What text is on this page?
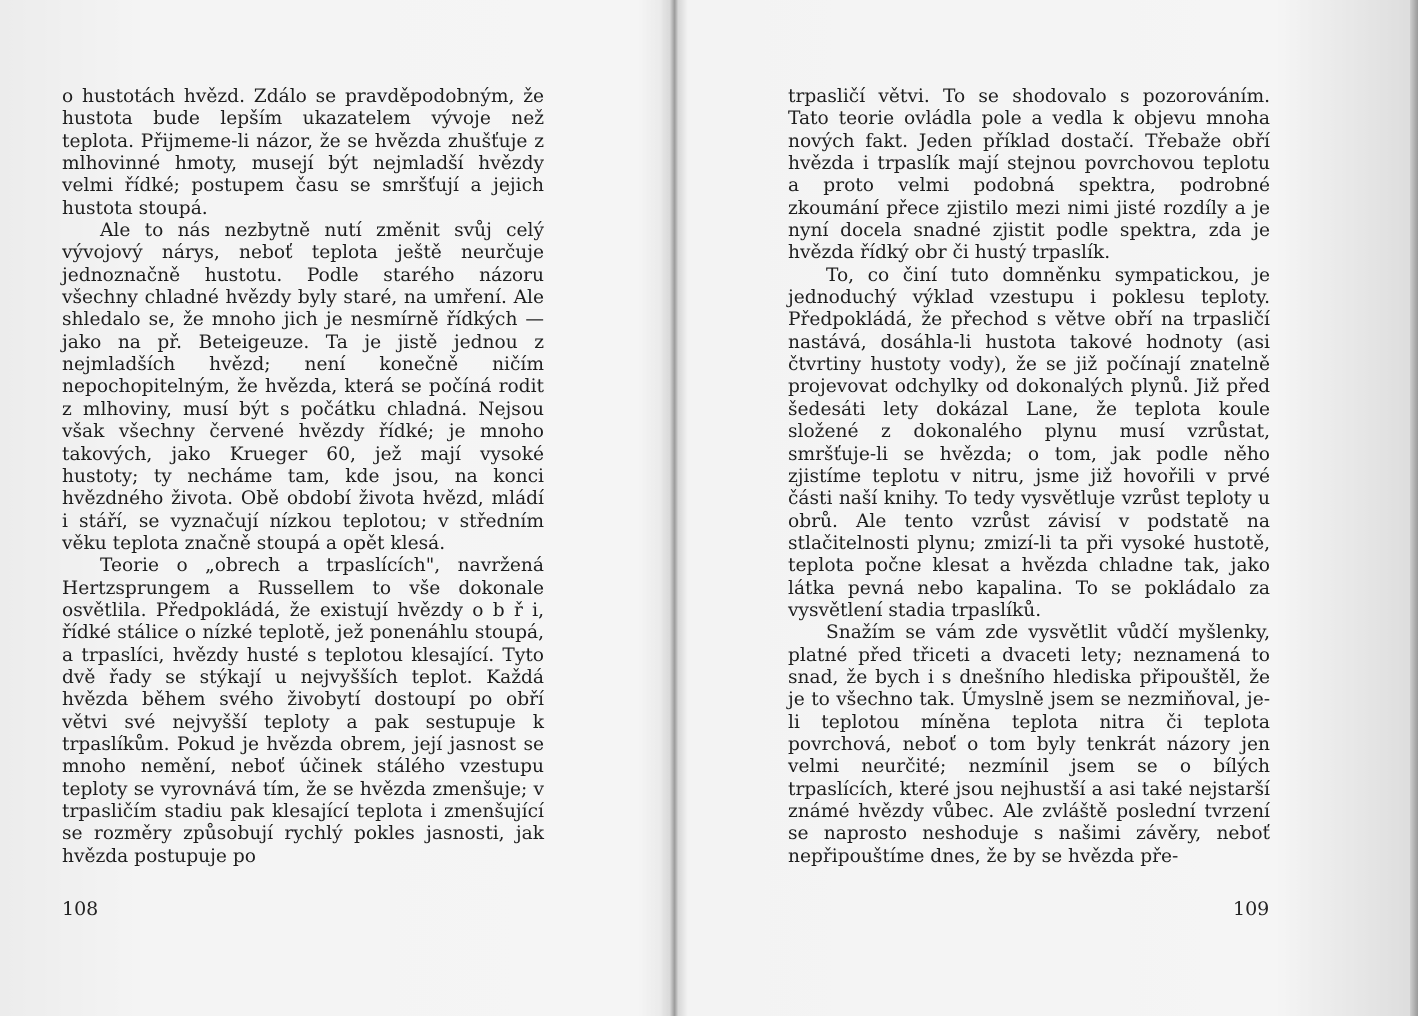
o hustotách hvězd. Zdálo se pravděpodobným, že hustota bude lepším ukazatelem vývoje než teplota. Přijmeme-li názor, že se hvězda zhušťuje z mlhovinné hmoty, musejí být nejmladší hvězdy velmi řídké; postupem času se smršťují a jejich hustota stoupá.

Ale to nás nezbytně nutí změnit svůj celý vývojový nárys, neboť teplota ještě neurčuje jednoznačně hustotu. Podle starého názoru všechny chladné hvězdy byly staré, na umření. Ale shledalo se, že mnoho jich je nesmírně řídkých — jako na př. Beteigeuze. Ta je jistě jednou z nejmladších hvězd; není konečně ničím nepochopitelným, že hvězda, která se počíná rodit z mlhoviny, musí být s počátku chladná. Nejsou však všechny červené hvězdy řídké; je mnoho takových, jako Krueger 60, jež mají vysoké hustoty; ty necháme tam, kde jsou, na konci hvězdného života. Obě období života hvězd, mládí i stáří, se vyznačují nízkou teplotou; v středním věku teplota značně stoupá a opět klesá.

Teorie o „obrech a trpaslících", navržená Hertzsprungem a Russellem to vše dokonale osvětlila. Předpokládá, že existují hvězdy o b ř i, řídké stálice o nízké teplotě, jež ponenáhlu stoupá, a trpaslíci, hvězdy husté s teplotou klesající. Tyto dvě řady se stýkají u nejvyšších teplot. Každá hvězda během svého živobytí dostoupí po obří větvi své nejvyšší teploty a pak sestupuje k trpaslíkům. Pokud je hvězda obrem, její jasnost se mnoho nemění, neboť účinek stálého vzestupu teploty se vyrovnává tím, že se hvězda zmenšuje; v trpasličím stadiu pak klesající teplota i zmenšující se rozměry způsobují rychlý pokles jasnosti, jak hvězda postupuje po

108

trpasličí větvi. To se shodovalo s pozorováním. Tato teorie ovládla pole a vedla k objevu mnoha nových fakt. Jeden příklad dostačí. Třebaže obří hvězda i trpaslík mají stejnou povrchovou teplotu a proto velmi podobná spektra, podrobné zkoumání přece zjistilo mezi nimi jisté rozdíly a je nyní docela snadné zjistit podle spektra, zda je hvězda řídký obr či hustý trpaslík.

To, co činí tuto domněnku sympatickou, je jednoduchý výklad vzestupu i poklesu teploty. Předpokládá, že přechod s větve obří na trpasličí nastává, dosáhla-li hustota takové hodnoty (asi čtvrtiny hustoty vody), že se již počínají znatelně projevovat odchylky od dokonalých plynů. Již před šedesáti lety dokázal Lane, že teplota koule složené z dokonalého plynu musí vzrůstat, smršťuje-li se hvězda; o tom, jak podle něho zjistíme teplotu v nitru, jsme již hovořili v prvé části naší knihy. To tedy vysvětluje vzrůst teploty u obrů. Ale tento vzrůst závisí v podstatě na stlačitelnosti plynu; zmizí-li ta při vysoké hustotě, teplota počne klesat a hvězda chladne tak, jako látka pevná nebo kapalina. To se pokládalo za vysvětlení stadia trpaslíků.

Snažím se vám zde vysvětlit vůdčí myšlenky, platné před třiceti a dvaceti lety; neznamená to snad, že bych i s dnešního hlediska připouštěl, že je to všechno tak. Úmyslně jsem se nezmiňoval, je-li teplotou míněna teplota nitra či teplota povrchová, neboť o tom byly tenkrát názory jen velmi neurčité; nezmínil jsem se o bílých trpaslících, které jsou nejhustší a asi také nejstarší známé hvězdy vůbec. Ale zvláště poslední tvrzení se naprosto neshoduje s našimi závěry, neboť nepřipouštíme dnes, že by se hvězda pře-

109
